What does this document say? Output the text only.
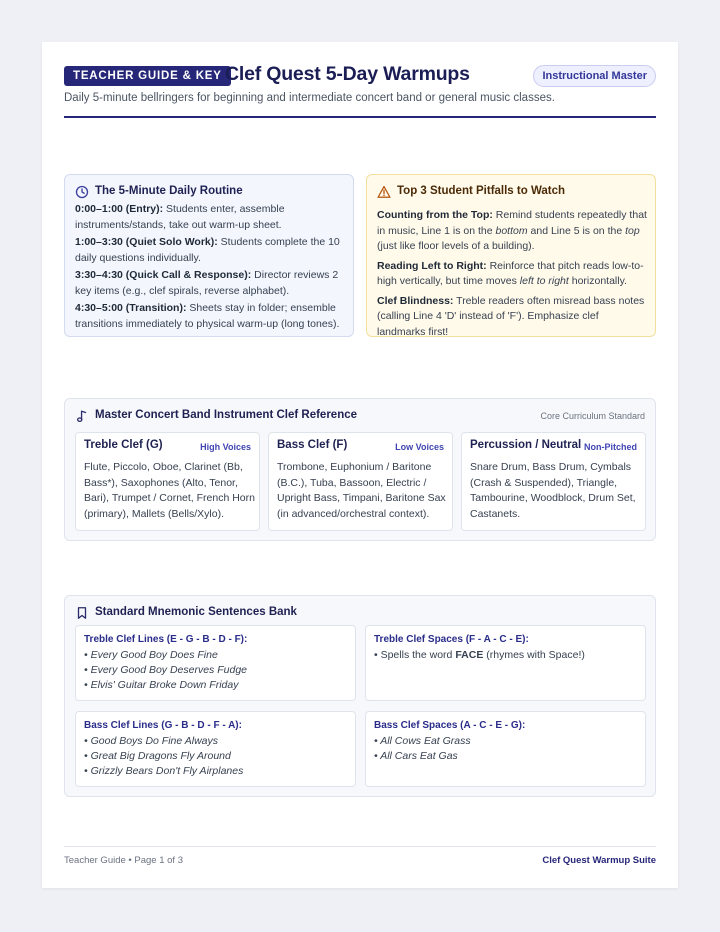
TEACHER GUIDE & KEY Clef Quest 5-Day Warmups	Instructional Master
Daily 5-minute bellringers for beginning and intermediate concert band or general music classes.
The 5-Minute Daily Routine
0:00–1:00 (Entry): Students enter, assemble instruments/stands, take out warm-up sheet.
1:00–3:30 (Quiet Solo Work): Students complete the 10 daily questions individually.
3:30–4:30 (Quick Call & Response): Director reviews 2 key items (e.g., clef spirals, reverse alphabet).
4:30–5:00 (Transition): Sheets stay in folder; ensemble transitions immediately to physical warm-up (long tones).
Top 3 Student Pitfalls to Watch
Counting from the Top: Remind students repeatedly that in music, Line 1 is on the bottom and Line 5 is on the top (just like floor levels of a building).
Reading Left to Right: Reinforce that pitch reads low-to-high vertically, but time moves left to right horizontally.
Clef Blindness: Treble readers often misread bass notes (calling Line 4 'D' instead of 'F'). Emphasize clef landmarks first!
Master Concert Band Instrument Clef Reference	Core Curriculum Standard
Treble Clef (G)	High Voices
Flute, Piccolo, Oboe, Clarinet (Bb, Bass*), Saxophones (Alto, Tenor, Bari), Trumpet / Cornet, French Horn (primary), Mallets (Bells/Xylo).
Bass Clef (F)	Low Voices
Trombone, Euphonium / Baritone (B.C.), Tuba, Bassoon, Electric / Upright Bass, Timpani, Baritone Sax (in advanced/orchestral context).
Percussion / Neutral Non-Pitched
Snare Drum, Bass Drum, Cymbals (Crash & Suspended), Triangle, Tambourine, Woodblock, Drum Set, Castanets.
Standard Mnemonic Sentences Bank
Treble Clef Lines (E - G - B - D - F):
• Every Good Boy Does Fine
• Every Good Boy Deserves Fudge
• Elvis' Guitar Broke Down Friday
Treble Clef Spaces (F - A - C - E):
• Spells the word FACE (rhymes with Space!)
Bass Clef Lines (G - B - D - F - A):
• Good Boys Do Fine Always
• Great Big Dragons Fly Around
• Grizzly Bears Don't Fly Airplanes
Bass Clef Spaces (A - C - E - G):
• All Cows Eat Grass
• All Cars Eat Gas
Teacher Guide • Page 1 of 3	Clef Quest Warmup Suite
